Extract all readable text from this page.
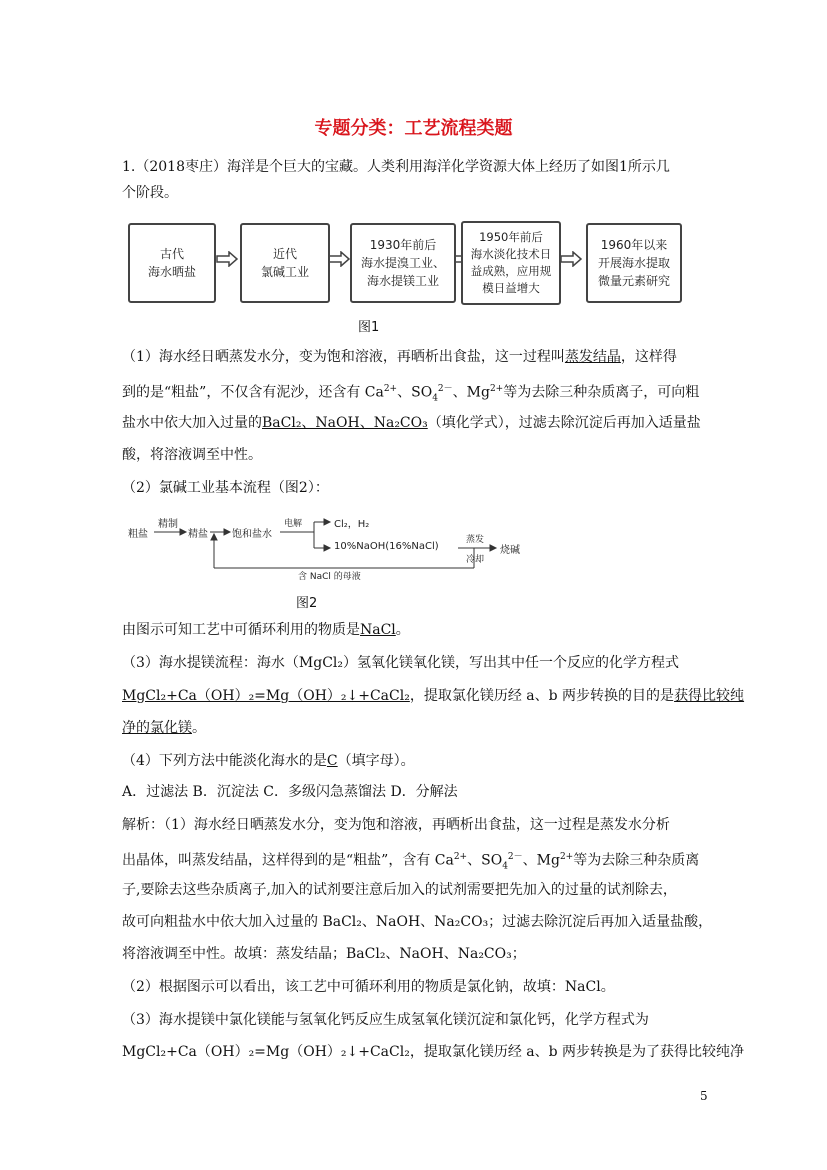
专题分类：工艺流程类题
1.（2018枣庄）海洋是个巨大的宝藏。人类利用海洋化学资源大体上经历了如图1所示几
个阶段。
古代
海水晒盐
近代
氯碱工业
1930年前后
海水提溴工业、
海水提镁工业
1950年前后
海水淡化技术日
益成熟，应用规
模日益增大
1960年以来
开展海水提取
微量元素研究
图1
（1）海水经日晒蒸发水分，变为饱和溶液，再晒析出食盐，这一过程叫蒸发结晶，这样得
到的是“粗盐”，不仅含有泥沙，还含有 $Ca^{2+}$、$SO_4^{2-}$、$Mg^{2+}$等为去除三种杂质离子，可向粗
盐水中依大加入过量的BaCl₂、NaOH、Na₂CO₃（填化学式），过滤去除沉淀后再加入适量盐
酸，将溶液调至中性。
（2）氯碱工业基本流程（图2）：
粗盐
精制
精盐 饱和盐水
电解	Cl₂，H₂
10%NaOH(16%NaCl)
蒸发
冷却
烧碱
含 NaCl 的母液
图2
由图示可知工艺中可循环利用的物质是NaCl。
（3）海水提镁流程：海水（MgCl₂）氢氧化镁氧化镁，写出其中任一个反应的化学方程式
MgCl₂+Ca（OH）₂=Mg（OH）₂↓+CaCl₂，提取氯化镁历经 a、b 两步转换的目的是获得比较纯
净的氯化镁。
（4）下列方法中能淡化海水的是C（填字母）。
A．过滤法 B．沉淀法 C．多级闪急蒸馏法 D．分解法
解析：（1）海水经日晒蒸发水分，变为饱和溶液，再晒析出食盐，这一过程是蒸发水分析
出晶体，叫蒸发结晶，这样得到的是“粗盐”，含有 $Ca^{2+}$、$SO_4^{2-}$、$Mg^{2+}$等为去除三种杂质离
子,要除去这些杂质离子,加入的试剂要注意后加入的试剂需要把先加入的过量的试剂除去，
故可向粗盐水中依大加入过量的 BaCl₂、NaOH、Na₂CO₃；过滤去除沉淀后再加入适量盐酸，
将溶液调至中性。故填：蒸发结晶；BaCl₂、NaOH、Na₂CO₃；
（2）根据图示可以看出，该工艺中可循环利用的物质是氯化钠，故填：NaCl。
（3）海水提镁中氯化镁能与氢氧化钙反应生成氢氧化镁沉淀和氯化钙，化学方程式为
MgCl₂+Ca（OH）₂=Mg（OH）₂↓+CaCl₂，提取氯化镁历经 a、b 两步转换是为了获得比较纯净
5
